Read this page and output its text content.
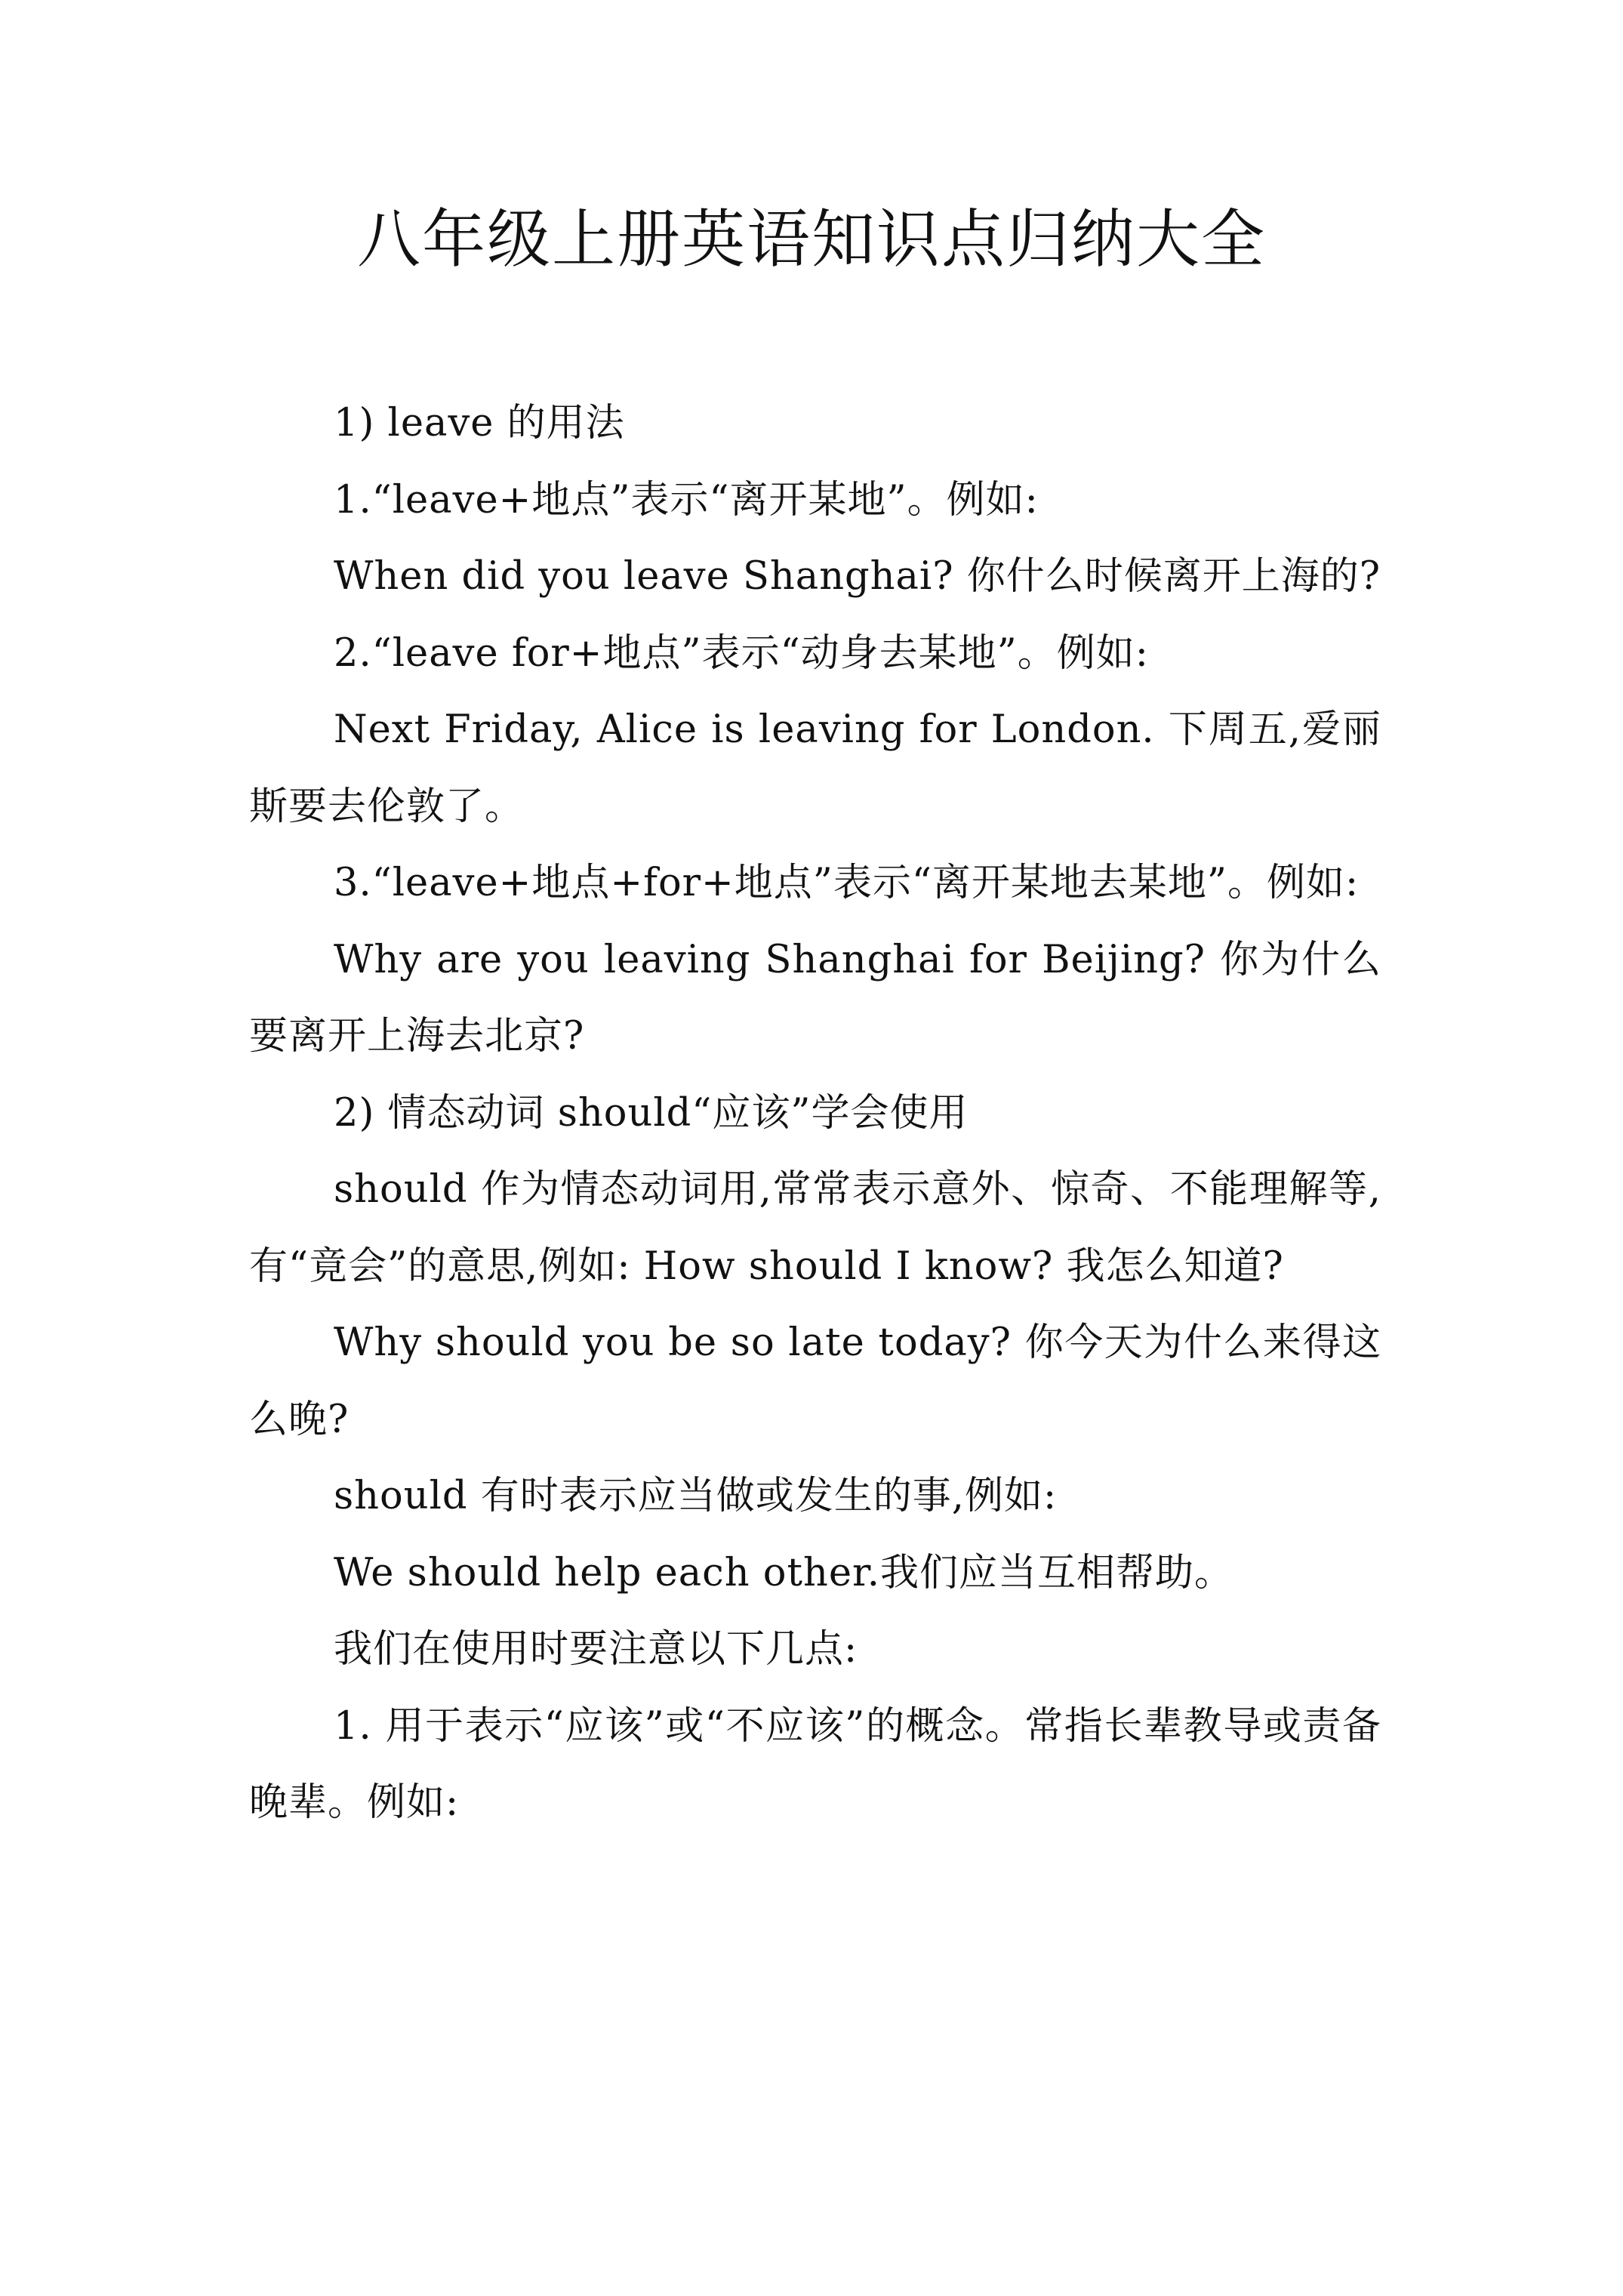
八年级上册英语知识点归纳大全

1) leave 的用法

1.“leave+地点”表示“离开某地”。例如:

When did you leave Shanghai? 你什么时候离开上海的?

2.“leave for+地点”表示“动身去某地”。例如:

Next Friday, Alice is leaving for London. 下周五,爱丽斯要去伦敦了。

3.“leave+地点+for+地点”表示“离开某地去某地”。例如:

Why are you leaving Shanghai for Beijing? 你为什么要离开上海去北京?

2) 情态动词 should“应该”学会使用

should 作为情态动词用,常常表示意外、惊奇、不能理解等,有“竟会”的意思,例如: How should I know? 我怎么知道?

Why should you be so late today? 你今天为什么来得这么晚?

should 有时表示应当做或发生的事,例如:

We should help each other.我们应当互相帮助。

我们在使用时要注意以下几点:

1. 用于表示“应该”或“不应该”的概念。常指长辈教导或责备晚辈。例如:
